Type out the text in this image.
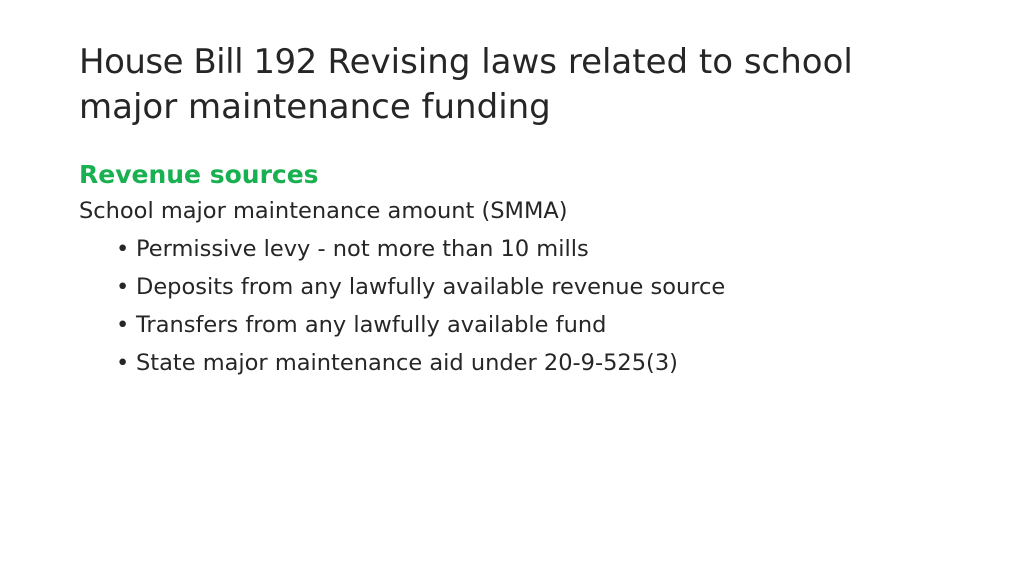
House Bill 192 Revising laws related to school major maintenance funding

Revenue sources

School major maintenance amount (SMMA)

• Permissive levy - not more than 10 mills
• Deposits from any lawfully available revenue source
• Transfers from any lawfully available fund
• State major maintenance aid under 20-9-525(3)
